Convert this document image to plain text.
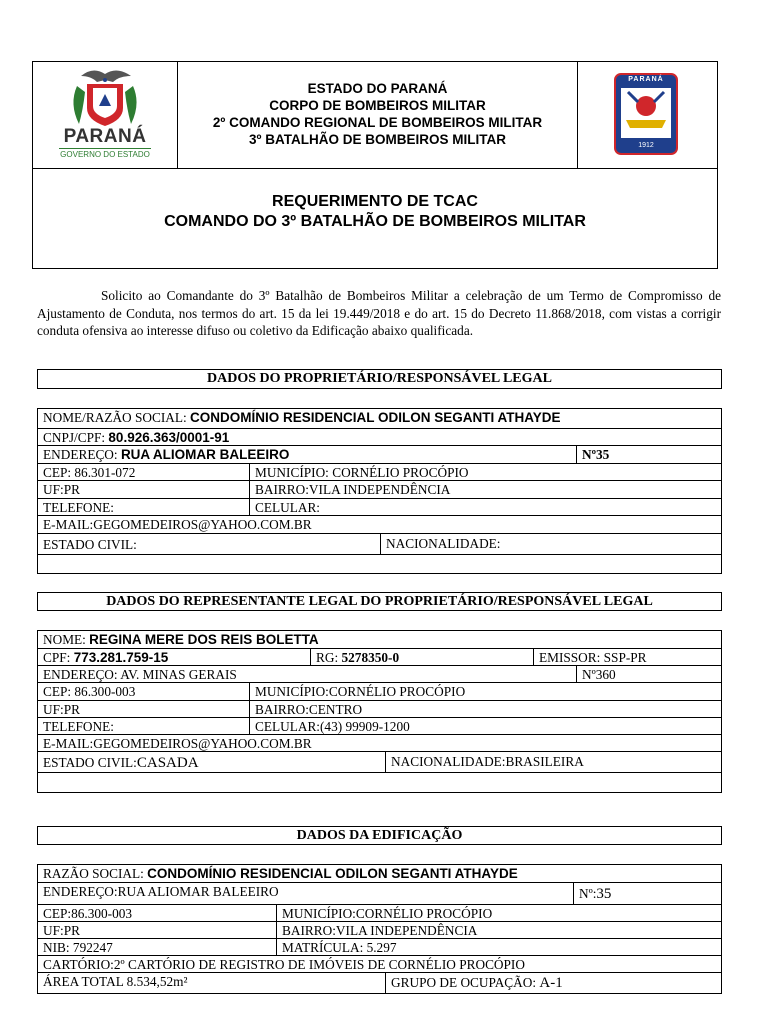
PARANÁ
GOVERNO DO ESTADO
ESTADO DO PARANÁ
CORPO DE BOMBEIROS MILITAR
2º COMANDO REGIONAL DE BOMBEIROS MILITAR
3º BATALHÃO DE BOMBEIROS MILITAR
PARANÁ
1912
REQUERIMENTO DE TCAC
COMANDO DO 3º BATALHÃO DE BOMBEIROS MILITAR
Solicito ao Comandante do 3º Batalhão de Bombeiros Militar a celebração de um Termo de Compromisso de Ajustamento de Conduta, nos termos do art. 15 da lei 19.449/2018 e do art. 15 do Decreto 11.868/2018, com vistas a corrigir conduta ofensiva ao interesse difuso ou coletivo da Edificação abaixo qualificada.
DADOS DO PROPRIETÁRIO/RESPONSÁVEL LEGAL
NOME/RAZÃO SOCIAL: CONDOMÍNIO RESIDENCIAL ODILON SEGANTI ATHAYDE
CNPJ/CPF: 80.926.363/0001-91
ENDEREÇO: RUA ALIOMAR BALEEIRO	Nº35
CEP: 86.301-072	MUNICÍPIO: CORNÉLIO PROCÓPIO
UF:PR	BAIRRO:VILA INDEPENDÊNCIA
TELEFONE:	CELULAR:
E-MAIL:GEGOMEDEIROS@YAHOO.COM.BR
ESTADO CIVIL:	NACIONALIDADE:
DADOS DO REPRESENTANTE LEGAL DO PROPRIETÁRIO/RESPONSÁVEL LEGAL
NOME: REGINA MERE DOS REIS BOLETTA
CPF: 773.281.759-15	RG: 5278350-0	EMISSOR: SSP-PR
ENDEREÇO: AV. MINAS GERAIS	Nº360
CEP: 86.300-003	MUNICÍPIO:CORNÉLIO PROCÓPIO
UF:PR	BAIRRO:CENTRO
TELEFONE:	CELULAR:(43) 99909-1200
E-MAIL:GEGOMEDEIROS@YAHOO.COM.BR
ESTADO CIVIL:CASADA	NACIONALIDADE:BRASILEIRA
DADOS DA EDIFICAÇÃO
RAZÃO SOCIAL: CONDOMÍNIO RESIDENCIAL ODILON SEGANTI ATHAYDE
ENDEREÇO:RUA ALIOMAR BALEEIRO	Nº:35
CEP:86.300-003	MUNICÍPIO:CORNÉLIO PROCÓPIO
UF:PR	BAIRRO:VILA INDEPENDÊNCIA
NIB: 792247	MATRÍCULA: 5.297
CARTÓRIO:2º CARTÓRIO DE REGISTRO DE IMÓVEIS DE CORNÉLIO PROCÓPIO
ÁREA TOTAL 8.534,52m²	GRUPO DE OCUPAÇÃO: A-1
